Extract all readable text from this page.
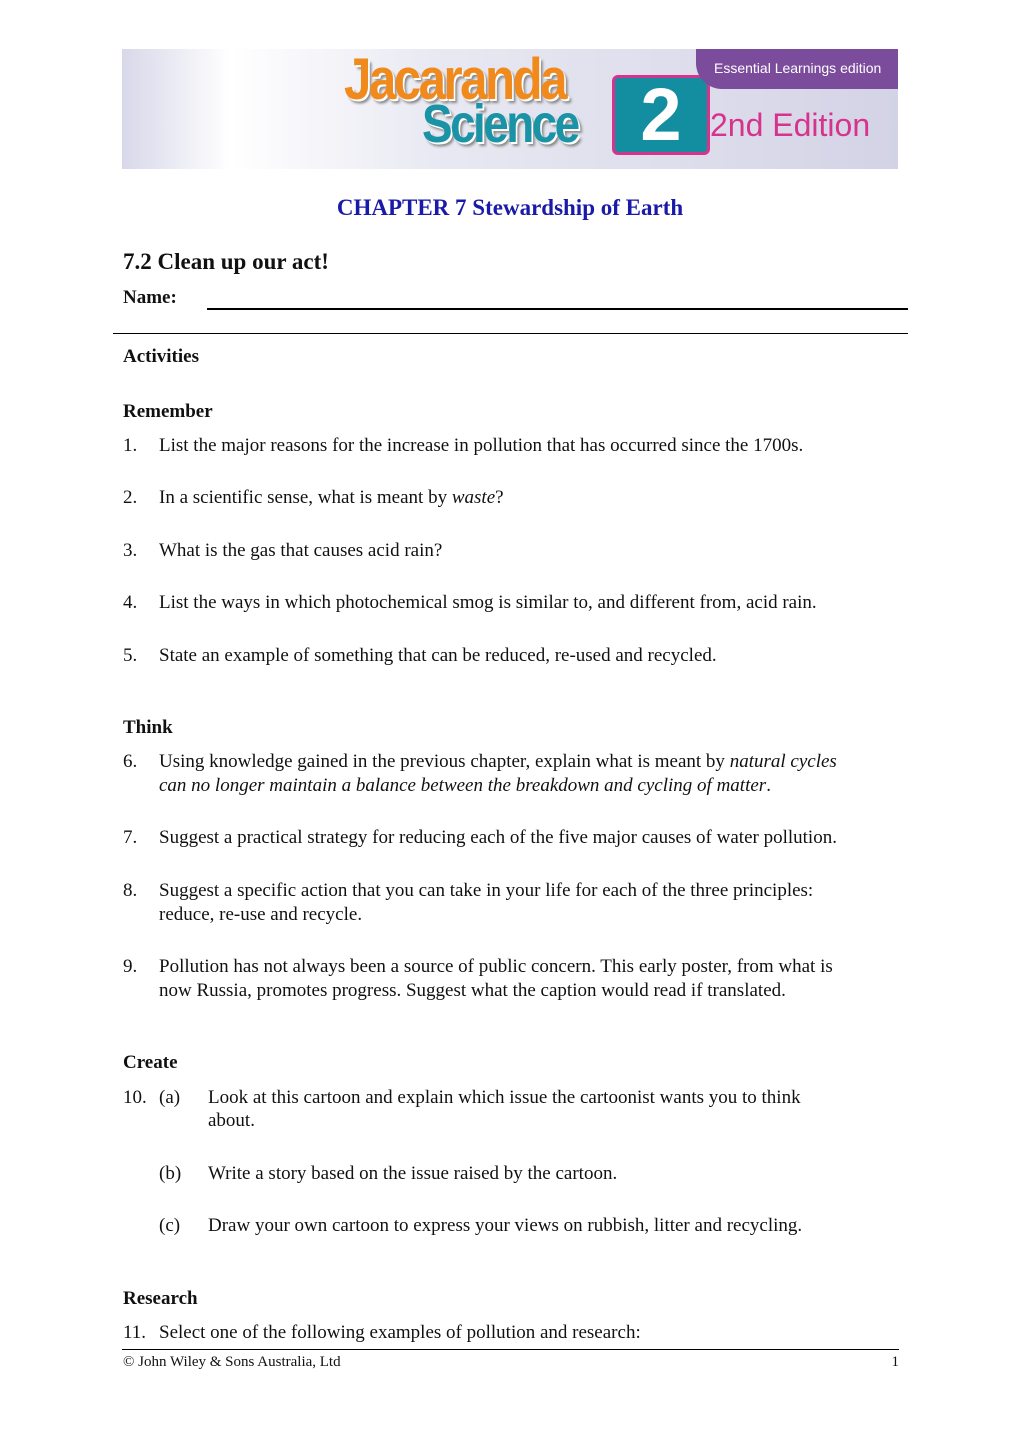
Jacaranda
Science 2
Essential Learnings edition
2nd Edition
CHAPTER 7 Stewardship of Earth
7.2 Clean up our act!
Name:
Activities
Remember
1. List the major reasons for the increase in pollution that has occurred since the 1700s.
2. In a scientific sense, what is meant by waste?
3. What is the gas that causes acid rain?
4. List the ways in which photochemical smog is similar to, and different from, acid rain.
5. State an example of something that can be reduced, re-used and recycled.
Think
6. Using knowledge gained in the previous chapter, explain what is meant by natural cycles
can no longer maintain a balance between the breakdown and cycling of matter.
7. Suggest a practical strategy for reducing each of the five major causes of water pollution.
8. Suggest a specific action that you can take in your life for each of the three principles:
reduce, re-use and recycle.
9. Pollution has not always been a source of public concern. This early poster, from what is
now Russia, promotes progress. Suggest what the caption would read if translated.
Create
10. (a) Look at this cartoon and explain which issue the cartoonist wants you to think
about.
(b) Write a story based on the issue raised by the cartoon.
(c) Draw your own cartoon to express your views on rubbish, litter and recycling.
Research
11. Select one of the following examples of pollution and research:
© John Wiley & Sons Australia, Ltd	1
